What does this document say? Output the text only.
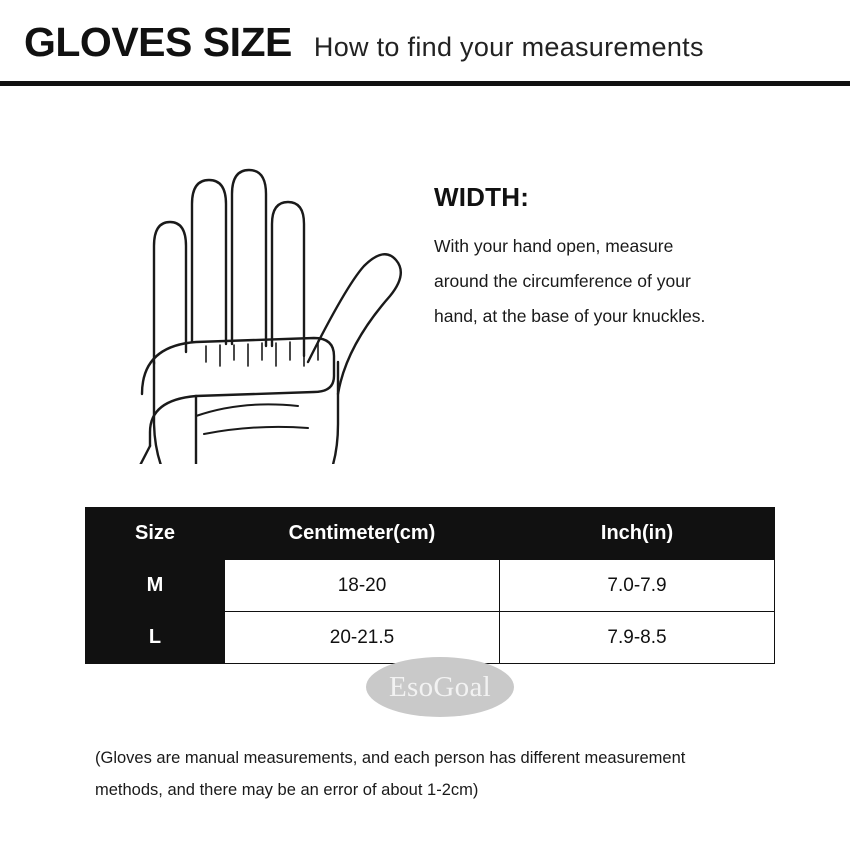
GLOVES SIZE How to find your measurements
WIDTH:

With your hand open, measure
around the circumference of your
hand, at the base of your knuckles.

Size	Centimeter(cm)	Inch(in)
M	18-20	7.0-7.9
L	20-21.5	7.9-8.5
EsoGoal
(Gloves are manual measurements, and each person has different measurement
methods, and there may be an error of about 1-2cm)
